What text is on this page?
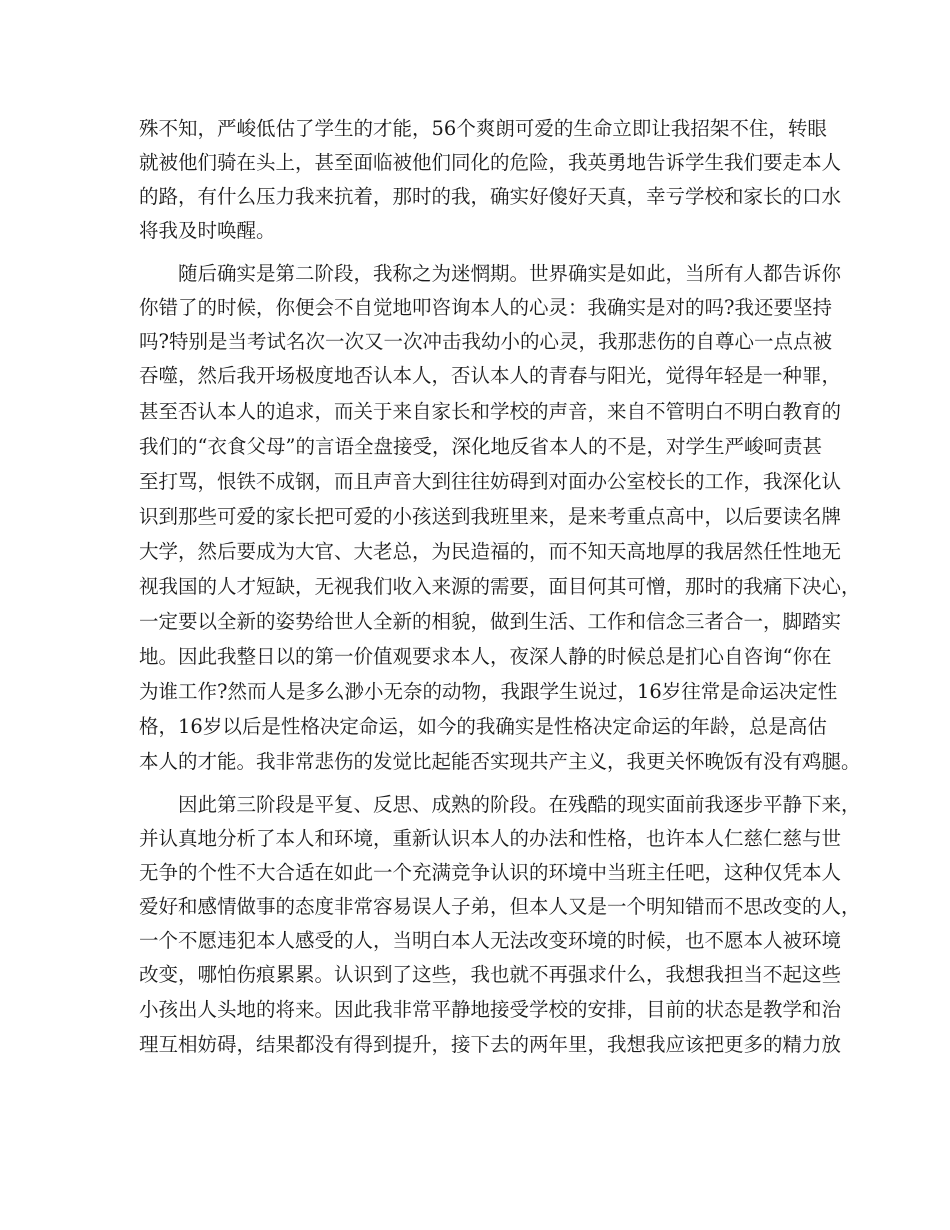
殊不知，严峻低估了学生的才能，56个爽朗可爱的生命立即让我招架不住，转眼
就被他们骑在头上，甚至面临被他们同化的危险，我英勇地告诉学生我们要走本人
的路，有什么压力我来抗着，那时的我，确实好傻好天真，幸亏学校和家长的口水
将我及时唤醒。
随后确实是第二阶段，我称之为迷惘期。世界确实是如此，当所有人都告诉你
你错了的时候，你便会不自觉地叩咨询本人的心灵：我确实是对的吗?我还要坚持
吗?特别是当考试名次一次又一次冲击我幼小的心灵，我那悲伤的自尊心一点点被
吞噬，然后我开场极度地否认本人，否认本人的青春与阳光，觉得年轻是一种罪，
甚至否认本人的追求，而关于来自家长和学校的声音，来自不管明白不明白教育的
我们的“衣食父母”的言语全盘接受，深化地反省本人的不是，对学生严峻呵责甚
至打骂，恨铁不成钢，而且声音大到往往妨碍到对面办公室校长的工作，我深化认
识到那些可爱的家长把可爱的小孩送到我班里来，是来考重点高中，以后要读名牌
大学，然后要成为大官、大老总，为民造福的，而不知天高地厚的我居然任性地无
视我国的人才短缺，无视我们收入来源的需要，面目何其可憎，那时的我痛下决心，
一定要以全新的姿势给世人全新的相貌，做到生活、工作和信念三者合一，脚踏实
地。因此我整日以的第一价值观要求本人，夜深人静的时候总是扪心自咨询“你在
为谁工作?然而人是多么渺小无奈的动物，我跟学生说过，16岁往常是命运决定性
格，16岁以后是性格决定命运，如今的我确实是性格决定命运的年龄，总是高估
本人的才能。我非常悲伤的发觉比起能否实现共产主义，我更关怀晚饭有没有鸡腿。
因此第三阶段是平复、反思、成熟的阶段。在残酷的现实面前我逐步平静下来，
并认真地分析了本人和环境，重新认识本人的办法和性格，也许本人仁慈仁慈与世
无争的个性不大合适在如此一个充满竞争认识的环境中当班主任吧，这种仅凭本人
爱好和感情做事的态度非常容易误人子弟，但本人又是一个明知错而不思改变的人，
一个不愿违犯本人感受的人，当明白本人无法改变环境的时候，也不愿本人被环境
改变，哪怕伤痕累累。认识到了这些，我也就不再强求什么，我想我担当不起这些
小孩出人头地的将来。因此我非常平静地接受学校的安排，目前的状态是教学和治
理互相妨碍，结果都没有得到提升，接下去的两年里，我想我应该把更多的精力放
